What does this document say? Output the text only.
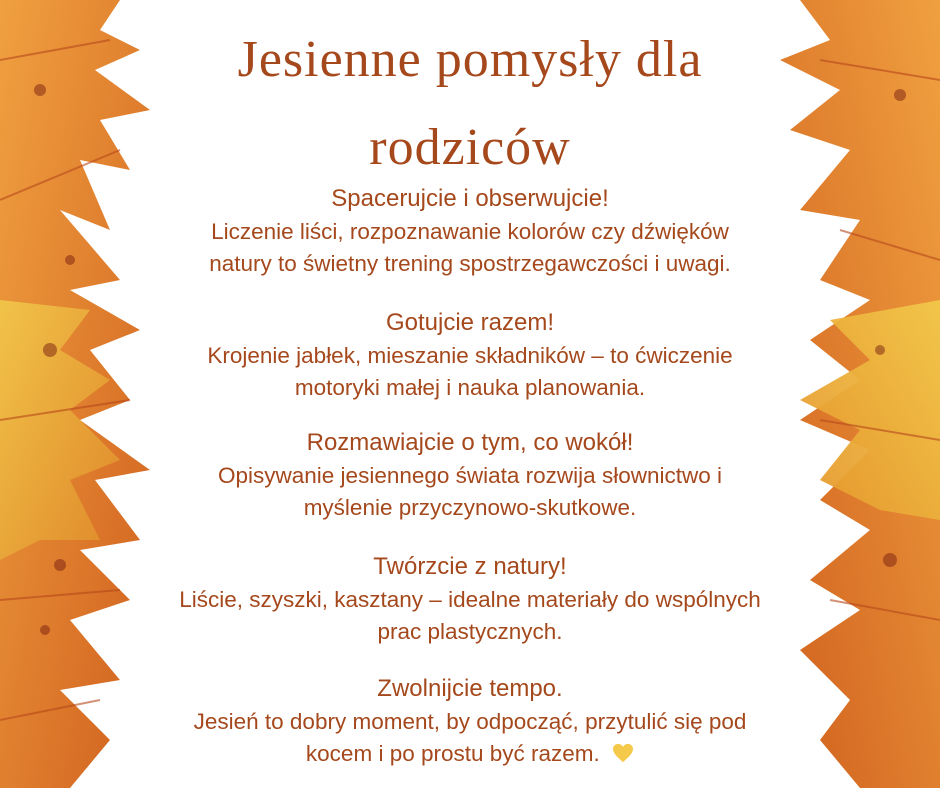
Jesienne pomysły dla
rodziców
Spacerujcie i obserwujcie!
Liczenie liści, rozpoznawanie kolorów czy dźwięków
natury to świetny trening spostrzegawczości i uwagi.
Gotujcie razem!
Krojenie jabłek, mieszanie składników – to ćwiczenie
motoryki małej i nauka planowania.
Rozmawiajcie o tym, co wokół!
Opisywanie jesiennego świata rozwija słownictwo i
myślenie przyczynowo-skutkowe.
Twórzcie z natury!
Liście, szyszki, kasztany – idealne materiały do wspólnych
prac plastycznych.
Zwolnijcie tempo.
Jesień to dobry moment, by odpocząć, przytulić się pod
kocem i po prostu być razem.
